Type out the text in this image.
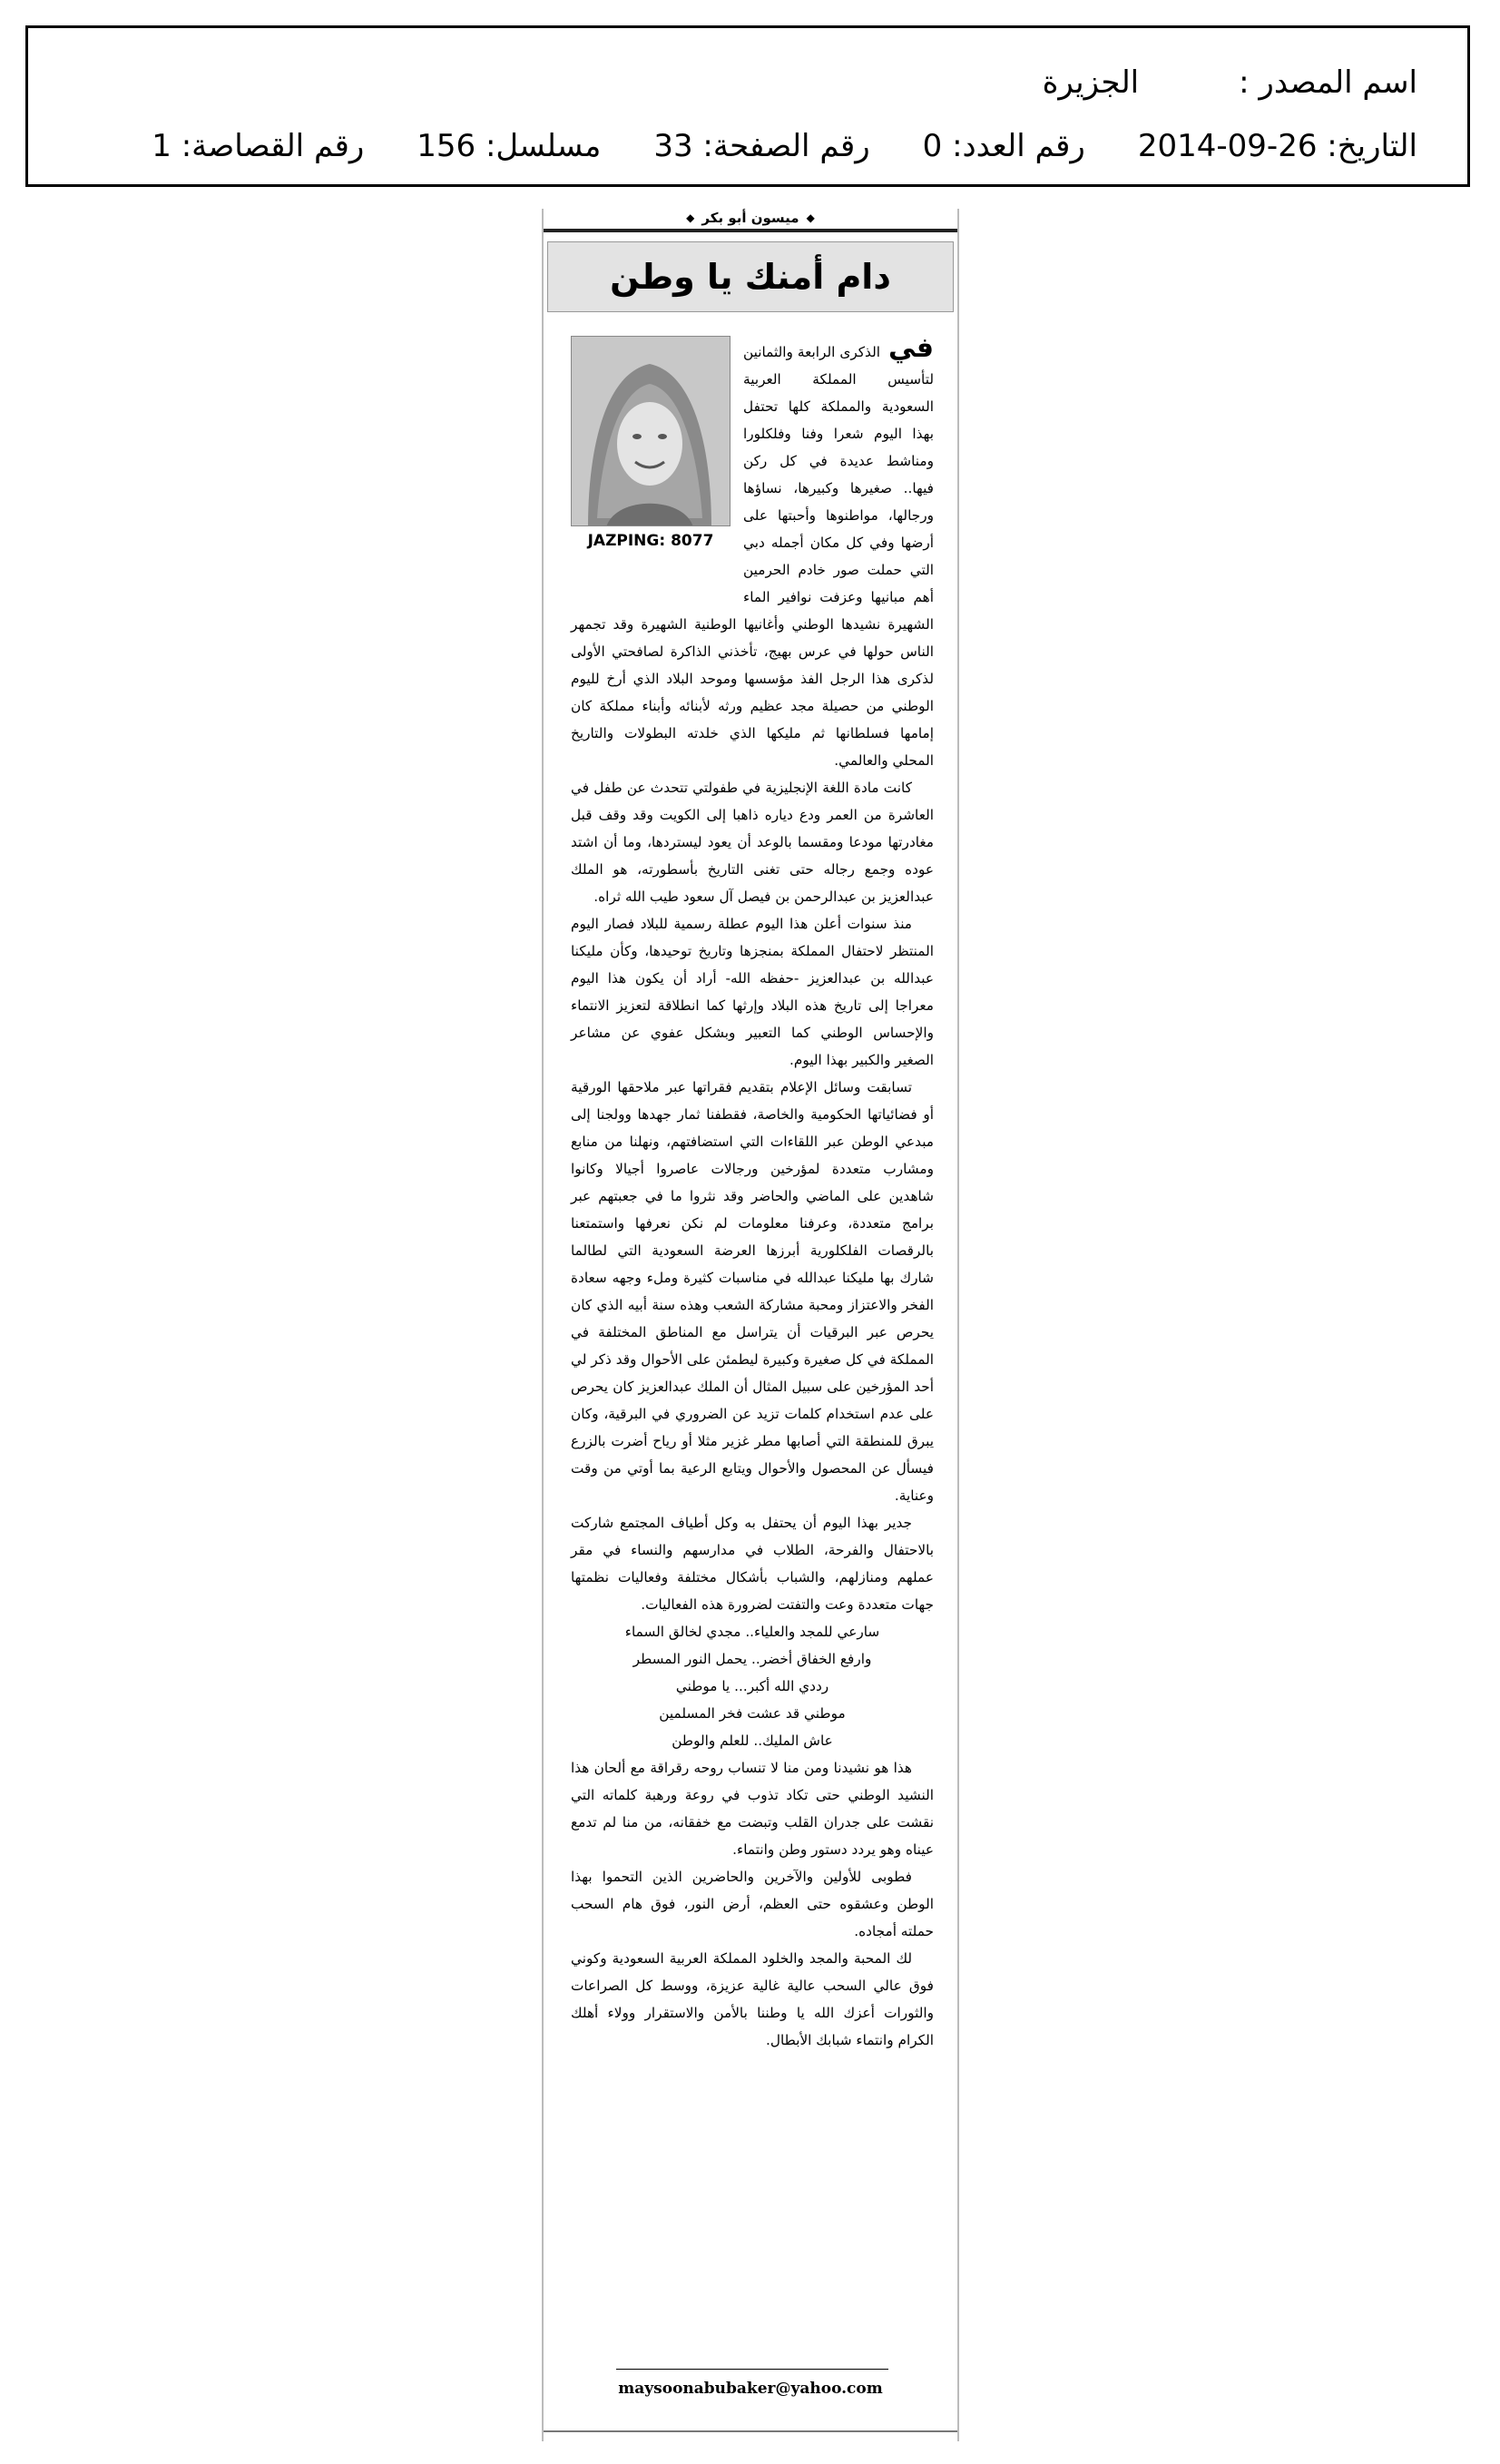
اسم المصدر :الجزيرة
التاريخ: 26-09-2014رقم العدد: 0رقم الصفحة: 33مسلسل: 156رقم القصاصة: 1
◆
ميسون أبو بكر
◆
دام أمنك يا وطن
JAZPING: 8077

في الذكرى الرابعة والثمانين لتأسيس المملكة العربية السعودية والمملكة كلها تحتفل بهذا اليوم شعرا وفنا وفلكلورا ومناشط عديدة في كل ركن فيها.. صغيرها وكبيرها، نساؤها ورجالها، مواطنوها وأحبتها على أرضها وفي كل مكان أجمله دبي التي حملت صور خادم الحرمين أهم مبانيها وعزفت نوافير الماء الشهيرة نشيدها الوطني وأغانيها الوطنية الشهيرة وقد تجمهر الناس حولها في عرس بهيج، تأخذني الذاكرة لصافحتي الأولى لذكرى هذا الرجل الفذ مؤسسها وموحد البلاد الذي أرخ لليوم الوطني من حصيلة مجد عظيم ورثه لأبنائه وأبناء مملكة كان إمامها فسلطانها ثم مليكها الذي خلدته البطولات والتاريخ المحلي والعالمي.

كانت مادة اللغة الإنجليزية في طفولتي تتحدث عن طفل في العاشرة من العمر ودع دياره ذاهبا إلى الكويت وقد وقف قبل مغادرتها مودعا ومقسما بالوعد أن يعود ليستردها، وما أن اشتد عوده وجمع رجاله حتى تغنى التاريخ بأسطورته، هو الملك عبدالعزيز بن عبدالرحمن بن فيصل آل سعود طيب الله ثراه.

منذ سنوات أعلن هذا اليوم عطلة رسمية للبلاد فصار اليوم المنتظر لاحتفال المملكة بمنجزها وتاريخ توحيدها، وكأن مليكنا عبدالله بن عبدالعزيز -حفظه الله- أراد أن يكون هذا اليوم معراجا إلى تاريخ هذه البلاد وإرثها كما انطلاقة لتعزيز الانتماء والإحساس الوطني كما التعبير وبشكل عفوي عن مشاعر الصغير والكبير بهذا اليوم.

تسابقت وسائل الإعلام بتقديم فقراتها عبر ملاحقها الورقية أو فضائياتها الحكومية والخاصة، فقطفنا ثمار جهدها وولجنا إلى مبدعي الوطن عبر اللقاءات التي استضافتهم، ونهلنا من منابع ومشارب متعددة لمؤرخين ورجالات عاصروا أجيالا وكانوا شاهدين على الماضي والحاضر وقد نثروا ما في جعبتهم عبر برامج متعددة، وعرفنا معلومات لم نكن نعرفها واستمتعنا بالرقصات الفلكلورية أبرزها العرضة السعودية التي لطالما شارك بها مليكنا عبدالله في مناسبات كثيرة وملء وجهه سعادة الفخر والاعتزاز ومحبة مشاركة الشعب وهذه سنة أبيه الذي كان يحرص عبر البرقيات أن يتراسل مع المناطق المختلفة في المملكة في كل صغيرة وكبيرة ليطمئن على الأحوال وقد ذكر لي أحد المؤرخين على سبيل المثال أن الملك عبدالعزيز كان يحرص على عدم استخدام كلمات تزيد عن الضروري في البرقية، وكان يبرق للمنطقة التي أصابها مطر غزير مثلا أو رياح أضرت بالزرع فيسأل عن المحصول والأحوال ويتابع الرعية بما أوتي من وقت وعناية.

جدير بهذا اليوم أن يحتفل به وكل أطياف المجتمع شاركت بالاحتفال والفرحة، الطلاب في مدارسهم والنساء في مقر عملهم ومنازلهم، والشباب بأشكال مختلفة وفعاليات نظمتها جهات متعددة وعت والتفتت لضرورة هذه الفعاليات.

سارعي للمجد والعلياء.. مجدي لخالق السماء
وارفع الخفاق أخضر.. يحمل النور المسطر
رددي الله أكبر... يا موطني
موطني قد عشت فخر المسلمين
عاش المليك.. للعلم والوطن

هذا هو نشيدنا ومن منا لا تنساب روحه رقراقة مع ألحان هذا النشيد الوطني حتى تكاد تذوب في روعة ورهبة كلماته التي نقشت على جدران القلب وتبضت مع خفقانه، من منا لم تدمع عيناه وهو يردد دستور وطن وانتماء.

فطوبى للأولين والآخرين والحاضرين الذين التحموا بهذا الوطن وعشقوه حتى العظم، أرض النور، فوق هام السحب حملته أمجاده.

لك المحبة والمجد والخلود المملكة العربية السعودية وكوني فوق عالي السحب عالية غالية عزيزة، ووسط كل الصراعات والثورات أعزك الله يا وطننا بالأمن والاستقرار وولاء أهلك الكرام وانتماء شبابك الأبطال.

maysoonabubaker@yahoo.com
